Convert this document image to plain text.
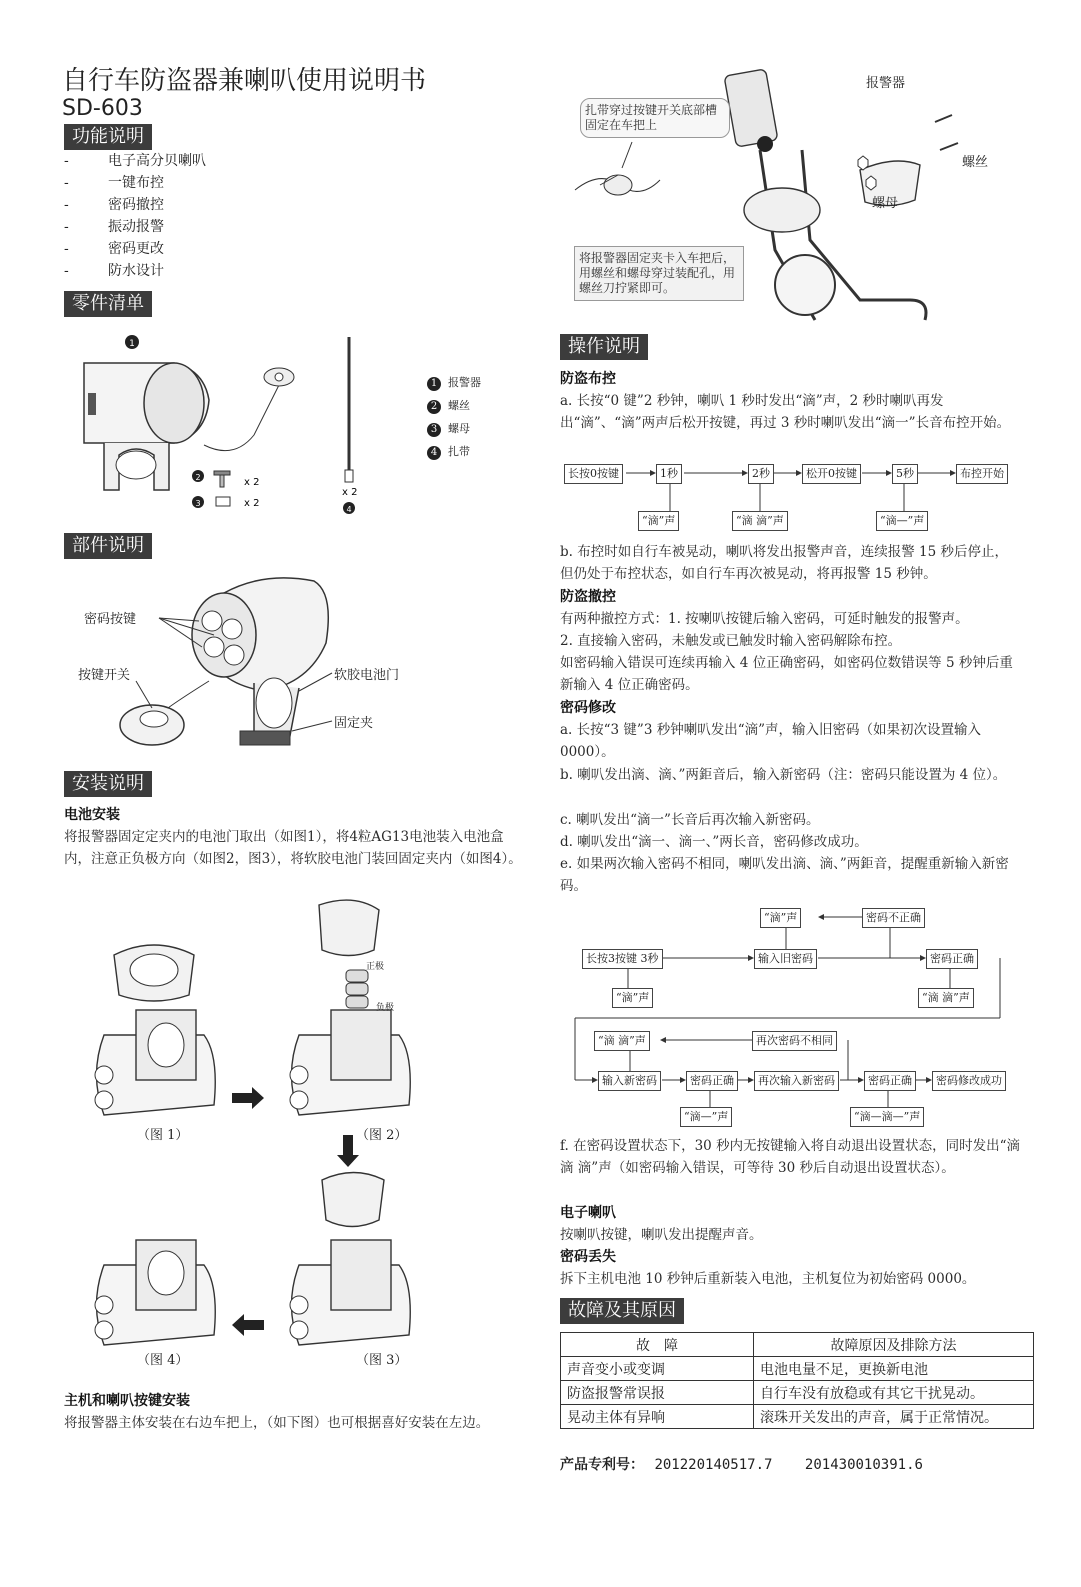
自行车防盗器兼喇叭使用说明书
SD-603
功能说明
-	电子高分贝喇叭
-	一键布控
-	密码撤控
-	振动报警
-	密码更改
-	防水设计
零件清单
1
2	x 2
3	x 2
x 2
4
1 报警器
2 螺丝
3 螺母
4 扎带
部件说明
密码按键
按键开关	软胶电池门
固定夹
安装说明
电池安装
将报警器固定定夹内的电池门取出（如图1），将4粒AG13电池装入电池盒内，注意正负极方向（如图2，图3），将软胶电池门装回固定夹内（如图4）。
正极
负极
（图 1）	（图 2）
（图 3）
（图 4）
主机和喇叭按键安装
将报警器主体安装在右边车把上，（如下图）也可根据喜好安装在左边。
扎带穿过按键开关底部槽固定在车把上
将报警器固定夹卡入车把后，用螺丝和螺母穿过装配孔，用螺丝刀拧紧即可。
报警器
螺丝
螺母
操作说明
防盗布控
a. 长按“0 键”2 秒钟，喇叭 1 秒时发出“滴”声，2 秒时喇叭再发出“滴”、“滴”两声后松开按键，再过 3 秒时喇叭发出“滴一”长音布控开始。
长按0按键	1秒	2秒	松开0按键	5秒	布控开始
“滴”声	“滴 滴”声	“滴—”声
b. 布控时如自行车被晃动，喇叭将发出报警声音，连续报警 15 秒后停止，但仍处于布控状态，如自行车再次被晃动，将再报警 15 秒钟。
防盗撤控
有两种撤控方式：1. 按喇叭按键后输入密码，可延时触发的报警声。
2. 直接输入密码，未触发或已触发时输入密码解除布控。
如密码输入错误可连续再输入 4 位正确密码，如密码位数错误等 5 秒钟后重新输入 4 位正确密码。
密码修改
a. 长按“3 键”3 秒钟喇叭发出“滴”声，输入旧密码（如果初次设置输入 0000）。
b. 喇叭发出滴、滴、”两鉅音后，输入新密码（注：密码只能设置为 4 位）。
c. 喇叭发出“滴一”长音后再次输入新密码。
d. 喇叭发出“滴一、滴一、”两长音，密码修改成功。
e. 如果两次输入密码不相同，喇叭发出滴、滴、”两鉅音，提醒重新输入新密码。
“滴”声	密码不正确
长按3按键 3秒	输入旧密码	密码正确
“滴”声	“滴 滴”声
“滴 滴”声	再次密码不相同
输入新密码	密码正确	再次输入新密码	密码正确	密码修改成功
“滴—”声	“滴—滴—”声
f. 在密码设置状态下，30 秒内无按键输入将自动退出设置状态，同时发出“滴 滴 滴”声（如密码输入错误，可等待 30 秒后自动退出设置状态）。
电子喇叭
按喇叭按键，喇叭发出提醒声音。
密码丢失
拆下主机电池 10 秒钟后重新装入电池，主机复位为初始密码 0000。
故障及其原因
故　障	故障原因及排除方法
声音变小或变调	电池电量不足，更换新电池
防盗报警常误报	自行车没有放稳或有其它干扰晃动。
晃动主体有异响	滚珠开关发出的声音，属于正常情况。
产品专利号： 201220140517.7 201430010391.6
